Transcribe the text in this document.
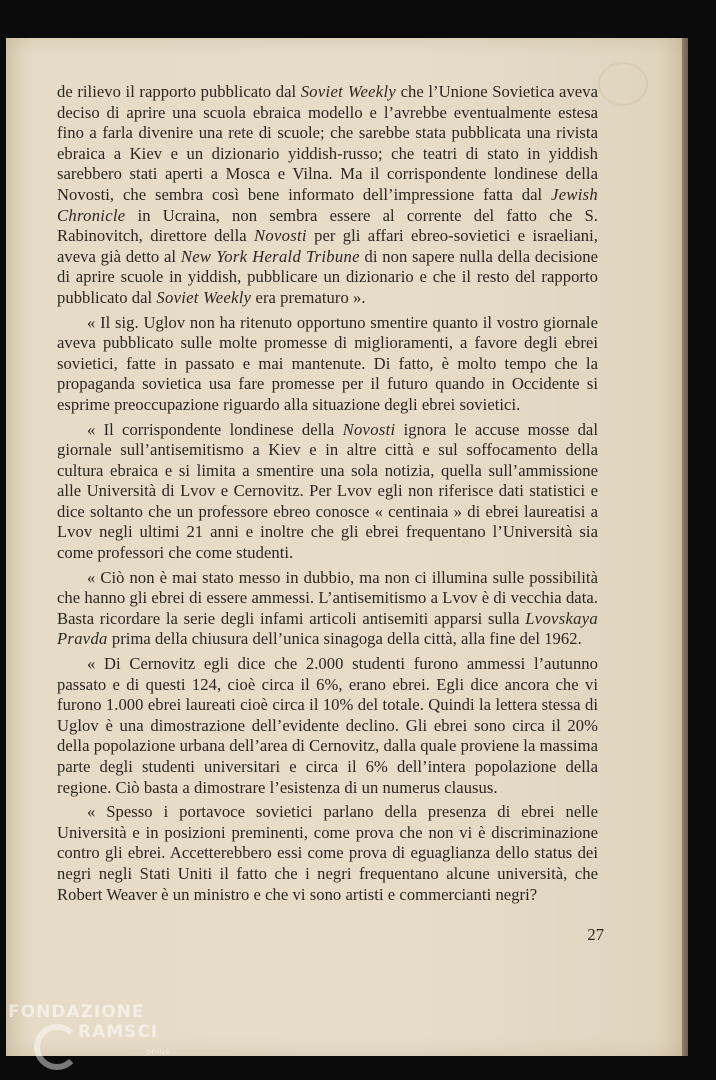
de rilievo il rapporto pubblicato dal Soviet Weekly che l’Unione Sovietica aveva deciso di aprire una scuola ebraica modello e l’avrebbe eventualmente estesa fino a farla divenire una rete di scuole; che sarebbe stata pubblicata una rivista ebraica a Kiev e un dizionario yiddish-russo; che teatri di stato in yiddish sarebbero stati aperti a Mosca e Vilna. Ma il corrispondente londinese della Novosti, che sembra così bene informato dell’impressione fatta dal Jewish Chronicle in Ucraina, non sembra essere al corrente del fatto che S. Rabinovitch, direttore della Novosti per gli affari ebreo-sovietici e israeliani, aveva già detto al New York Herald Tribune di non sapere nulla della decisione di aprire scuole in yiddish, pubblicare un dizionario e che il resto del rapporto pubblicato dal Soviet Weekly era prematuro ».

« Il sig. Uglov non ha ritenuto opportuno smentire quanto il vostro giornale aveva pubblicato sulle molte promesse di miglioramenti, a favore degli ebrei sovietici, fatte in passato e mai mantenute. Di fatto, è molto tempo che la propaganda sovietica usa fare promesse per il futuro quando in Occidente si esprime preoccupazione riguardo alla situazione degli ebrei sovietici.

« Il corrispondente londinese della Novosti ignora le accuse mosse dal giornale sull’antisemitismo a Kiev e in altre città e sul soffocamento della cultura ebraica e si limita a smentire una sola notizia, quella sull’ammissione alle Università di Lvov e Cernovitz. Per Lvov egli non riferisce dati statistici e dice soltanto che un professore ebreo conosce « centinaia » di ebrei laureatisi a Lvov negli ultimi 21 anni e inoltre che gli ebrei frequentano l’Università sia come professori che come studenti.

« Ciò non è mai stato messo in dubbio, ma non ci illumina sulle possibilità che hanno gli ebrei di essere ammessi. L’antisemitismo a Lvov è di vecchia data. Basta ricordare la serie degli infami articoli antisemiti apparsi sulla Lvovskaya Pravda prima della chiusura dell’unica sinagoga della città, alla fine del 1962.

« Di Cernovitz egli dice che 2.000 studenti furono ammessi l’autunno passato e di questi 124, cioè circa il 6%, erano ebrei. Egli dice ancora che vi furono 1.000 ebrei laureati cioè circa il 10% del totale. Quindi la lettera stessa di Uglov è una dimostrazione dell’evidente declino. Gli ebrei sono circa il 20% della popolazione urbana dell’area di Cernovitz, dalla quale proviene la massima parte degli studenti universitari e circa il 6% dell’intera popolazione della regione. Ciò basta a dimostrare l’esistenza di un numerus clausus.

« Spesso i portavoce sovietici parlano della presenza di ebrei nelle Università e in posizioni preminenti, come prova che non vi è discriminazione contro gli ebrei. Accetterebbero essi come prova di eguaglianza dello status dei negri negli Stati Uniti il fatto che i negri frequentano alcune università, che Robert Weaver è un ministro e che vi sono artisti e commercianti negri?

27
FONDAZIONE
RAMSCI
onlus
